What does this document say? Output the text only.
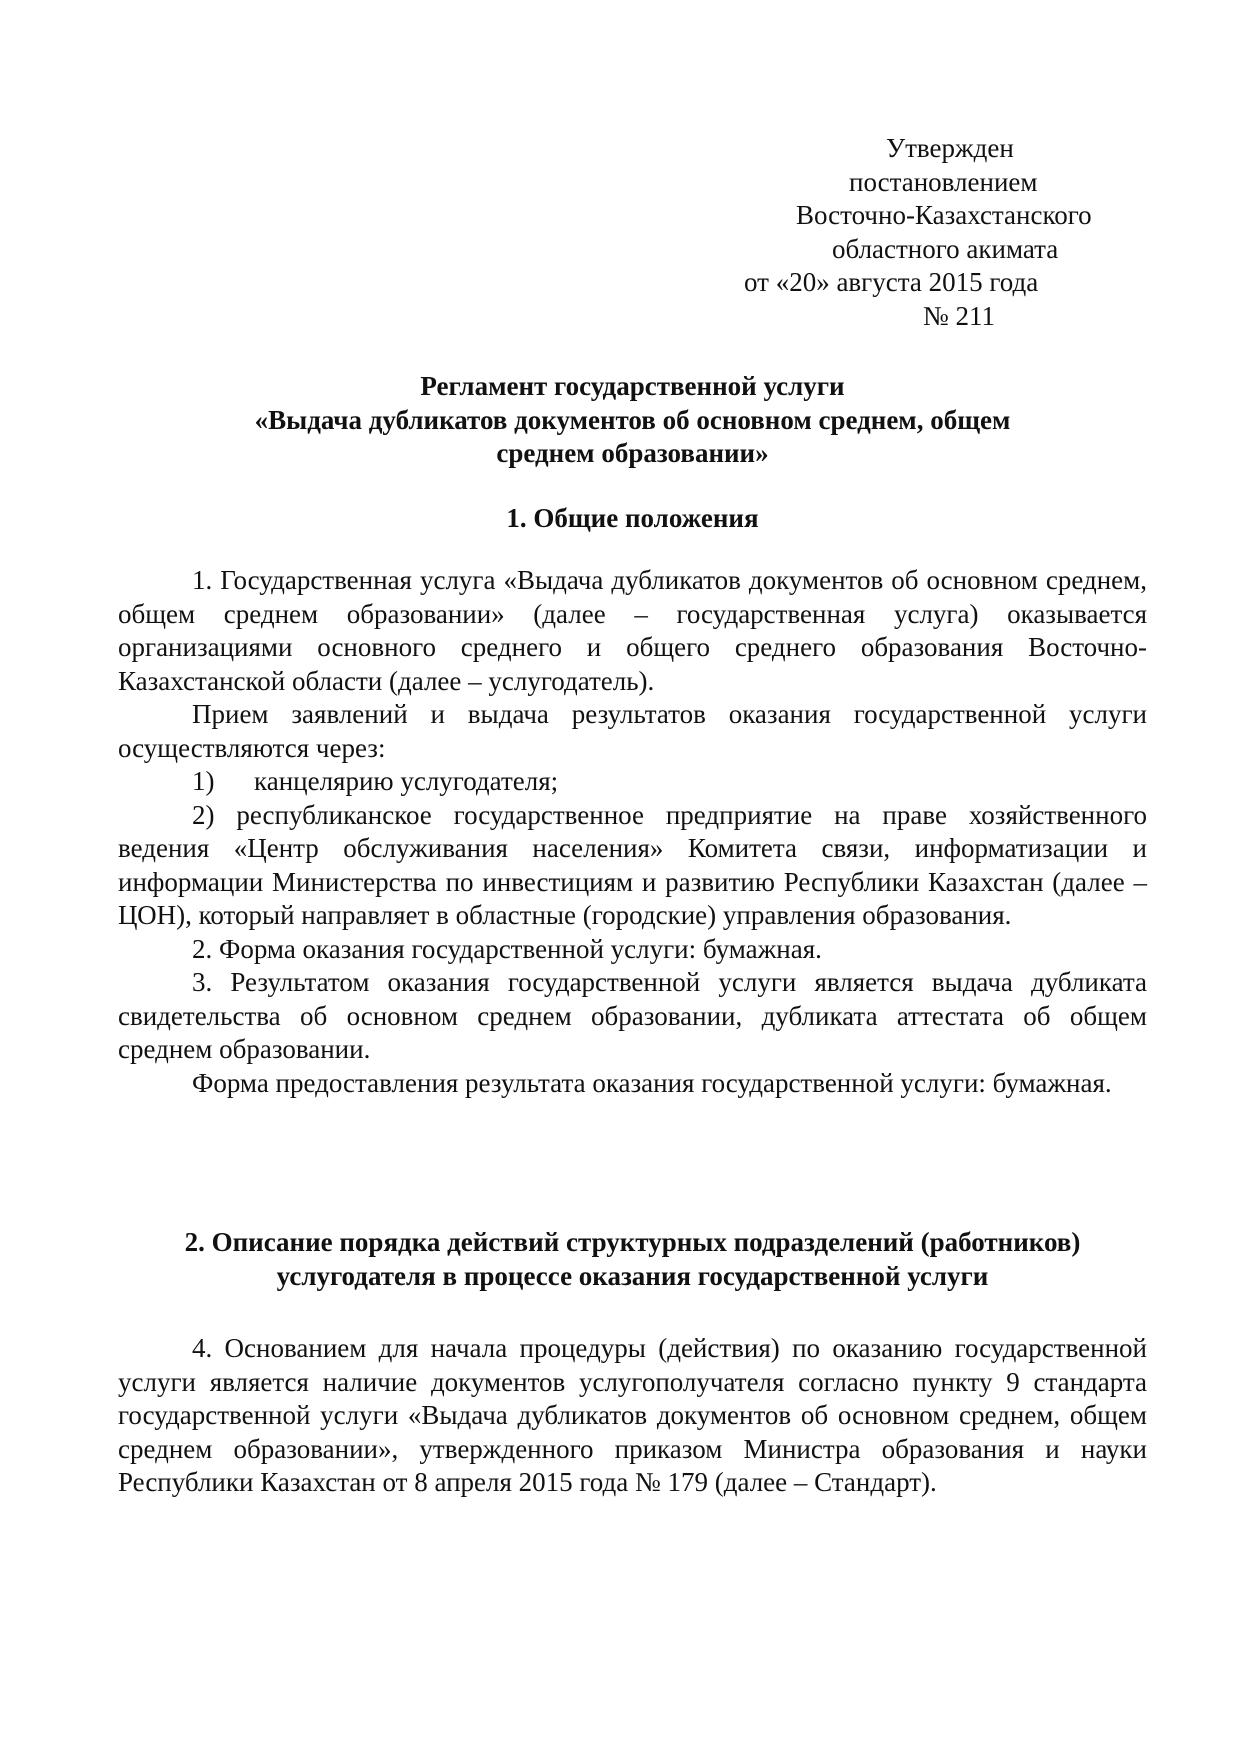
Утвержден
постановлением
Восточно-Казахстанского
областного акимата
от «20» августа 2015 года
№ 211
Регламент государственной услуги
«Выдача дубликатов документов об основном среднем, общем
среднем образовании»
1. Общие положения

1. Государственная услуга «Выдача дубликатов документов об основном среднем, общем среднем образовании» (далее – государственная услуга) оказывается организациями основного среднего и общего среднего образования Восточно-Казахстанской области (далее – услугодатель).

Прием заявлений и выдача результатов оказания государственной услуги осуществляются через:

1) канцелярию услугодателя;

2) республиканское государственное предприятие на праве хозяйственного ведения «Центр обслуживания населения» Комитета связи, информатизации и информации Министерства по инвестициям и развитию Республики Казахстан (далее – ЦОН), который направляет в областные (городские) управления образования.

2. Форма оказания государственной услуги: бумажная.

3. Результатом оказания государственной услуги является выдача дубликата свидетельства об основном среднем образовании, дубликата аттестата об общем среднем образовании.

Форма предоставления результата оказания государственной услуги: бумажная.

2. Описание порядка действий структурных подразделений (работников)
услугодателя в процессе оказания государственной услуги

4. Основанием для начала процедуры (действия) по оказанию государственной услуги является наличие документов услугополучателя согласно пункту 9 стандарта государственной услуги «Выдача дубликатов документов об основном среднем, общем среднем образовании», утвержденного приказом Министра образования и науки Республики Казахстан от 8 апреля 2015 года № 179 (далее – Стандарт).
